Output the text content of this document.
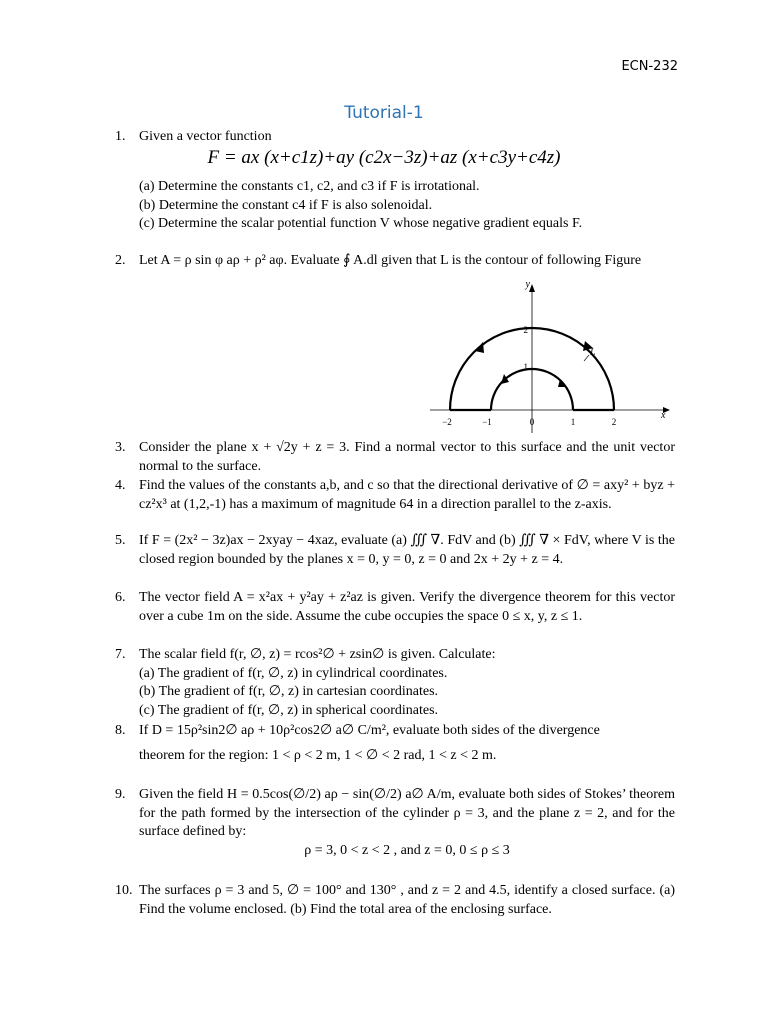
ECN-232
Tutorial-1
1. Given a vector function
F = ax (x+c1z)+ay (c2x−3z)+az (x+c3y+c4z)
(a) Determine the constants c1, c2, and c3 if F is irrotational.
(b) Determine the constant c4 if F is also solenoidal.
(c) Determine the scalar potential function V whose negative gradient equals F.
2. Let A = ρ sin φ aρ + ρ² aφ. Evaluate ∮ A.dl given that L is the contour of following Figure
y
x
L
2
1
−2	−1	0	1	2
3. Consider the plane x + √2y + z = 3. Find a normal vector to this surface and the unit vector normal to the surface.
4. Find the values of the constants a,b, and c so that the directional derivative of ∅ = axy² + byz + cz²x³ at (1,2,-1) has a maximum of magnitude 64 in a direction parallel to the z-axis.
5. If F = (2x² − 3z)ax − 2xyay − 4xaz, evaluate (a) ∭ ∇. FdV and (b) ∭ ∇ × FdV, where V is the closed region bounded by the planes x = 0, y = 0, z = 0 and 2x + 2y + z = 4.
6. The vector field A = x²ax + y²ay + z²az is given. Verify the divergence theorem for this vector over a cube 1m on the side. Assume the cube occupies the space 0 ≤ x, y, z ≤ 1.
7. The scalar field f(r, ∅, z) = rcos²∅ + zsin∅ is given. Calculate:
(a) The gradient of f(r, ∅, z) in cylindrical coordinates.
(b) The gradient of f(r, ∅, z) in cartesian coordinates.
(c) The gradient of f(r, ∅, z) in spherical coordinates.
8. If D = 15ρ²sin2∅ aρ + 10ρ²cos2∅ a∅ C/m², evaluate both sides of the divergence
theorem for the region: 1 < ρ < 2 m, 1 < ∅ < 2 rad, 1 < z < 2 m.
9. Given the field H = 0.5cos(∅/2) aρ − sin(∅/2) a∅ A/m, evaluate both sides of Stokes’ theorem for the path formed by the intersection of the cylinder ρ = 3, and the plane z = 2, and for the surface defined by:
ρ = 3, 0 < z < 2 , and z = 0, 0 ≤ ρ ≤ 3
10. The surfaces ρ = 3 and 5, ∅ = 100° and 130° , and z = 2 and 4.5, identify a closed surface. (a) Find the volume enclosed. (b) Find the total area of the enclosing surface.
